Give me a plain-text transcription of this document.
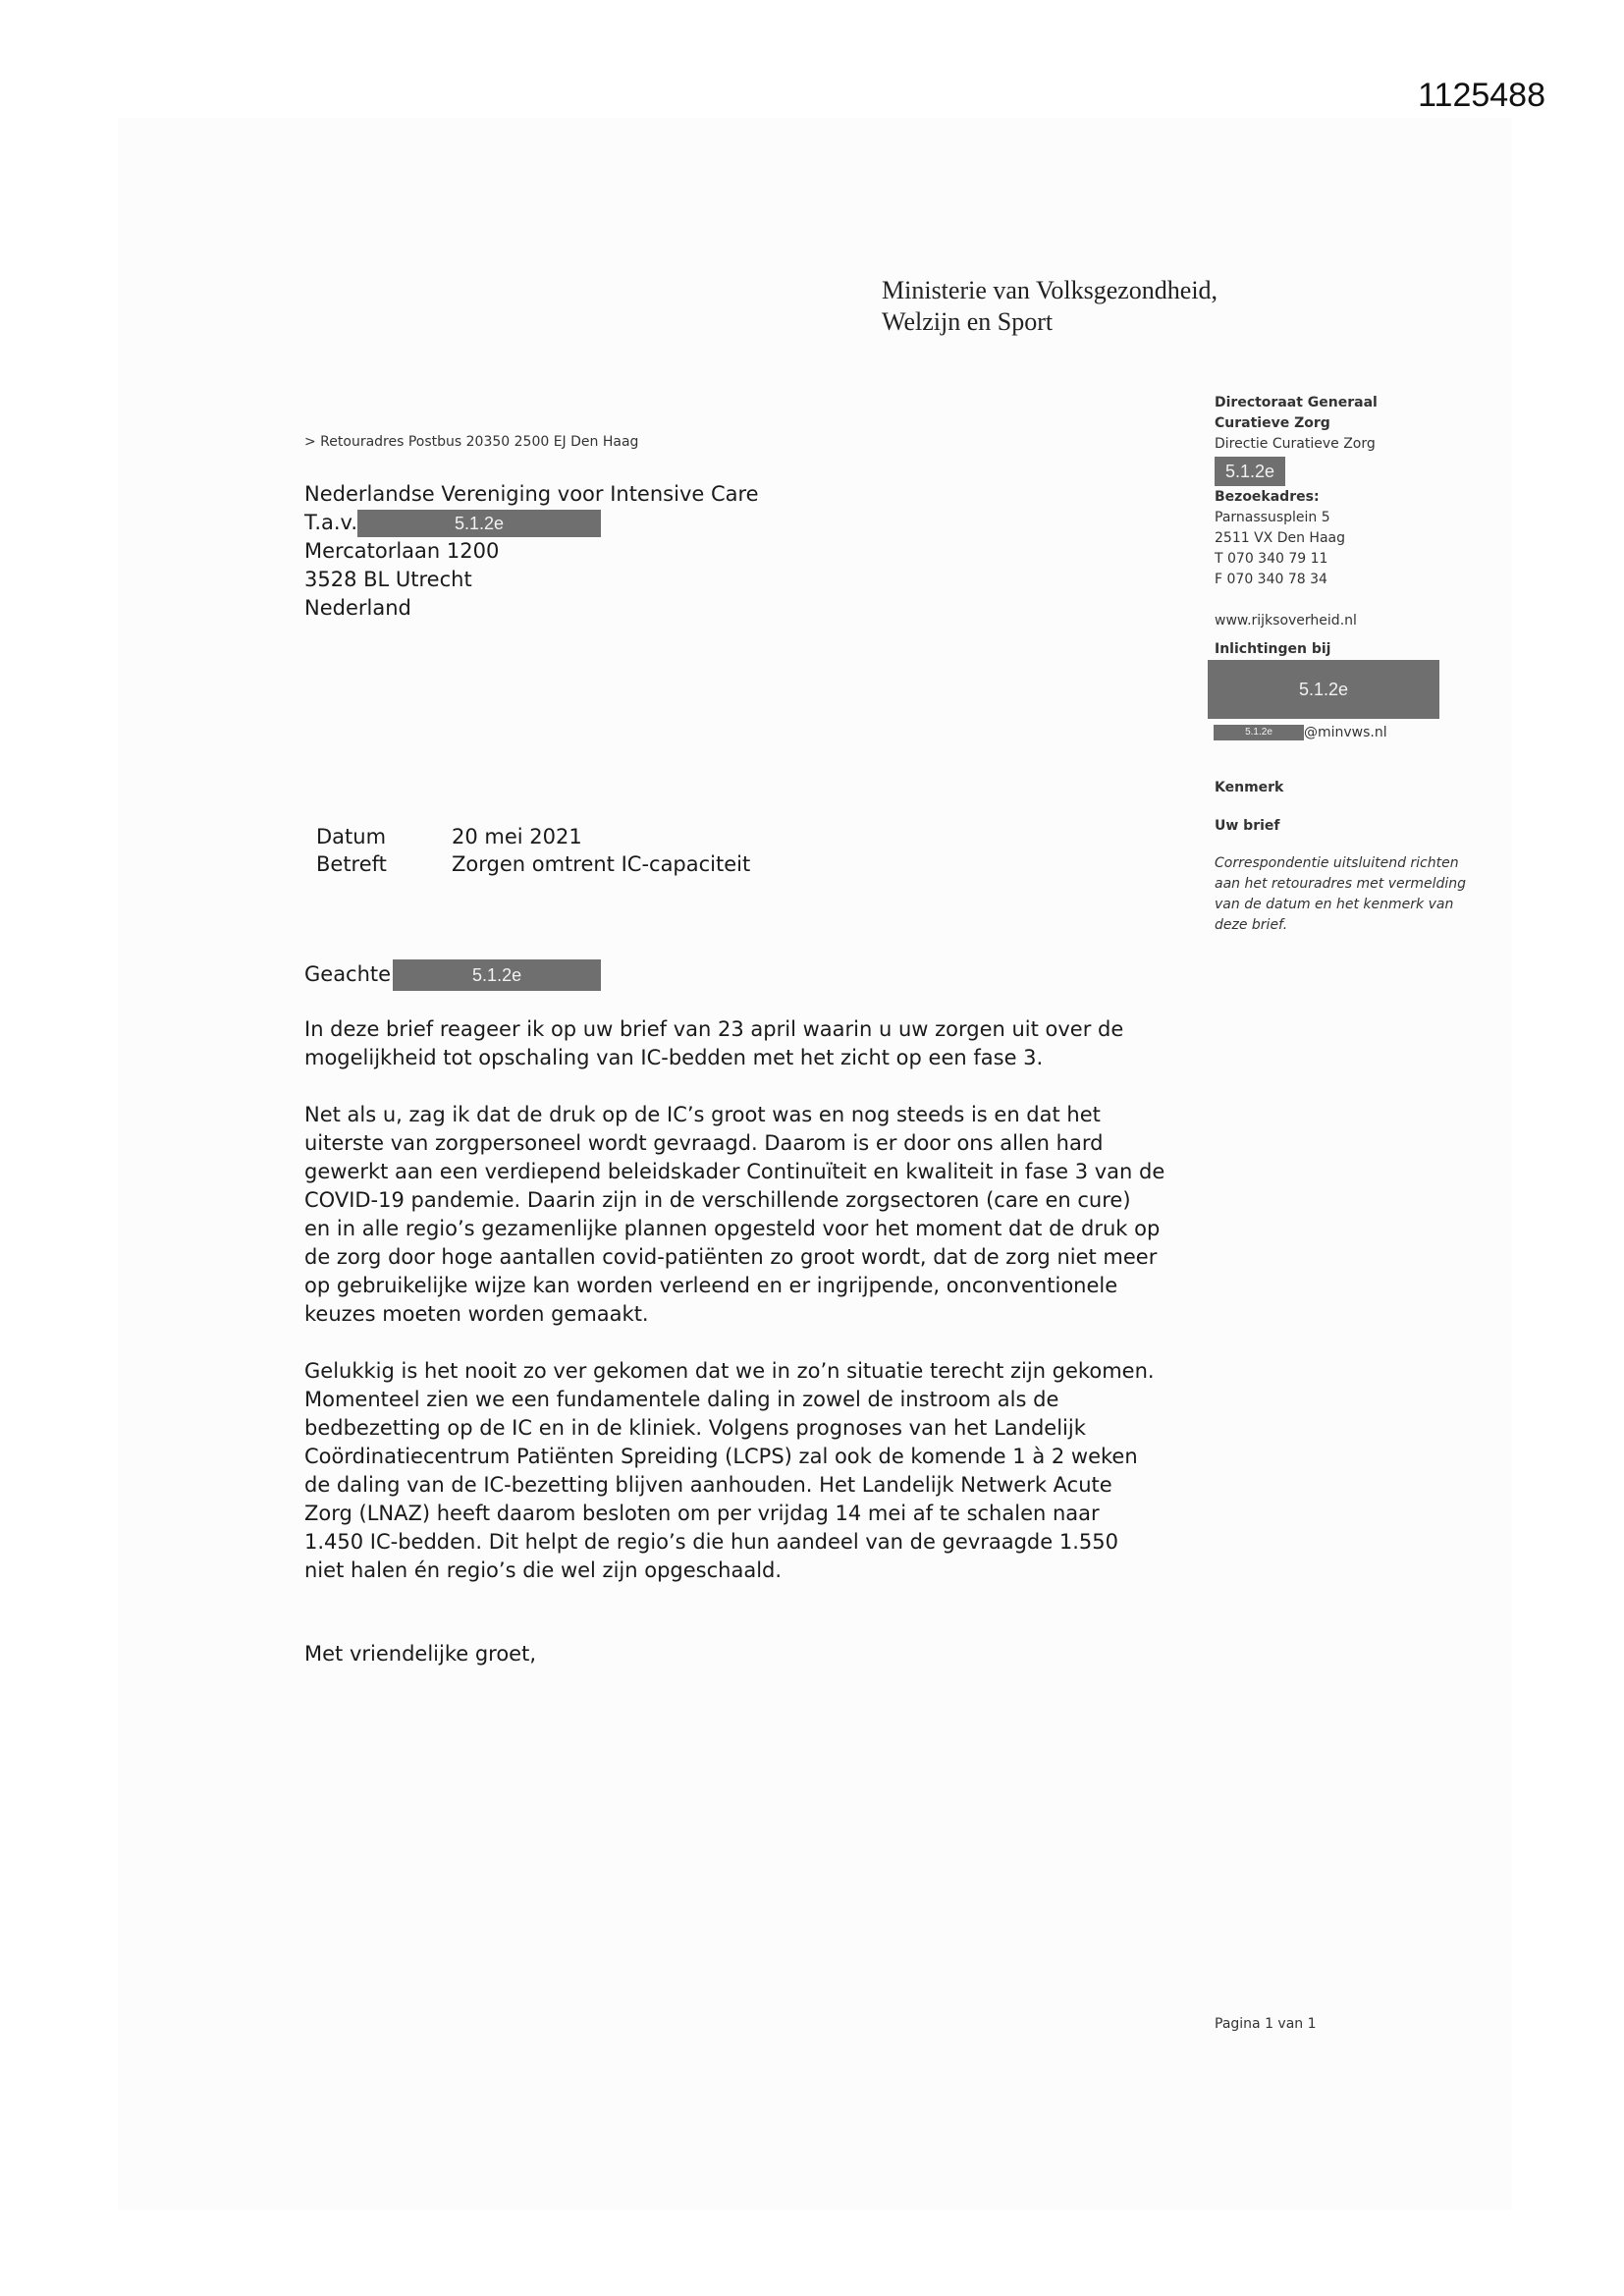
1125488
Ministerie van Volksgezondheid,
Welzijn en Sport
> Retouradres Postbus 20350 2500 EJ Den Haag
Nederlandse Vereniging voor Intensive Care
T.a.v.	5.1.2e
Mercatorlaan 1200
3528 BL Utrecht
Nederland
Directoraat Generaal
Curatieve Zorg
Directie Curatieve Zorg
5.1.2e
Bezoekadres:
Parnassusplein 5
2511 VX Den Haag
T 070 340 79 11
F 070 340 78 34
www.rijksoverheid.nl
Inlichtingen bij
5.1.2e
5.1.2e @minvws.nl
Kenmerk
Uw brief
Correspondentie uitsluitend richten aan het retouradres met vermelding van de datum en het kenmerk van deze brief.
Datum	20 mei 2021
Betreft	Zorgen omtrent IC-capaciteit
Geachte	5.1.2e

In deze brief reageer ik op uw brief van 23 april waarin u uw zorgen uit over de
mogelijkheid tot opschaling van IC-bedden met het zicht op een fase 3.

Net als u, zag ik dat de druk op de IC’s groot was en nog steeds is en dat het
uiterste van zorgpersoneel wordt gevraagd. Daarom is er door ons allen hard
gewerkt aan een verdiepend beleidskader Continuïteit en kwaliteit in fase 3 van de
COVID-19 pandemie. Daarin zijn in de verschillende zorgsectoren (care en cure)
en in alle regio’s gezamenlijke plannen opgesteld voor het moment dat de druk op
de zorg door hoge aantallen covid-patiënten zo groot wordt, dat de zorg niet meer
op gebruikelijke wijze kan worden verleend en er ingrijpende, onconventionele
keuzes moeten worden gemaakt.

Gelukkig is het nooit zo ver gekomen dat we in zo’n situatie terecht zijn gekomen.
Momenteel zien we een fundamentele daling in zowel de instroom als de
bedbezetting op de IC en in de kliniek. Volgens prognoses van het Landelijk
Coördinatiecentrum Patiënten Spreiding (LCPS) zal ook de komende 1 à 2 weken
de daling van de IC-bezetting blijven aanhouden. Het Landelijk Netwerk Acute
Zorg (LNAZ) heeft daarom besloten om per vrijdag 14 mei af te schalen naar
1.450 IC-bedden. Dit helpt de regio’s die hun aandeel van de gevraagde 1.550
niet halen én regio’s die wel zijn opgeschaald.

Met vriendelijke groet,
Pagina 1 van 1
